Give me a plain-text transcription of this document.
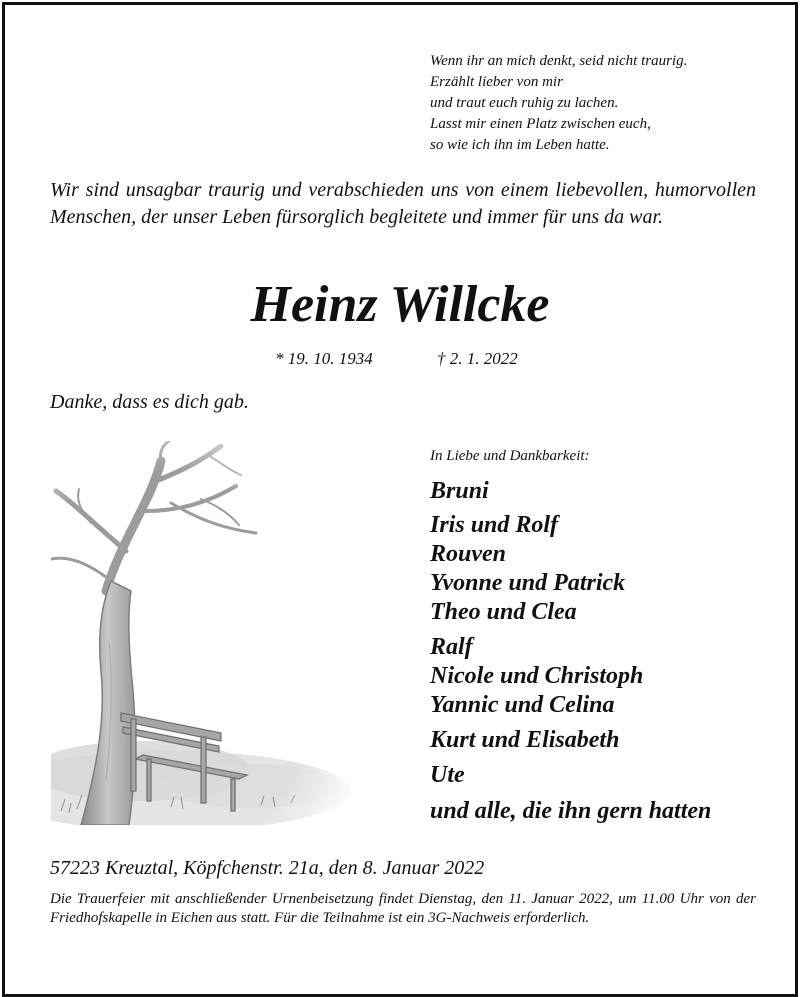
Wenn ihr an mich denkt, seid nicht traurig.
Erzählt lieber von mir
und traut euch ruhig zu lachen.
Lasst mir einen Platz zwischen euch,
so wie ich ihn im Leben hatte.
Wir sind unsagbar traurig und verabschieden uns von einem liebevollen, humorvollen Menschen, der unser Leben fürsorglich begleitete und immer für uns da war.
Heinz Willcke
* 19. 10. 1934	† 2. 1. 2022
Danke, dass es dich gab.
In Liebe und Dankbarkeit:
Bruni
Iris und Rolf
Rouven
Yvonne und Patrick
Theo und Clea
Ralf
Nicole und Christoph
Yannic und Celina
Kurt und Elisabeth
Ute
und alle, die ihn gern hatten
57223 Kreuztal, Köpfchenstr. 21a, den 8. Januar 2022
Die Trauerfeier mit anschließender Urnenbeisetzung findet Dienstag, den 11. Januar 2022, um 11.00 Uhr von der Friedhofskapelle in Eichen aus statt. Für die Teilnahme ist ein 3G-Nachweis erforderlich.
